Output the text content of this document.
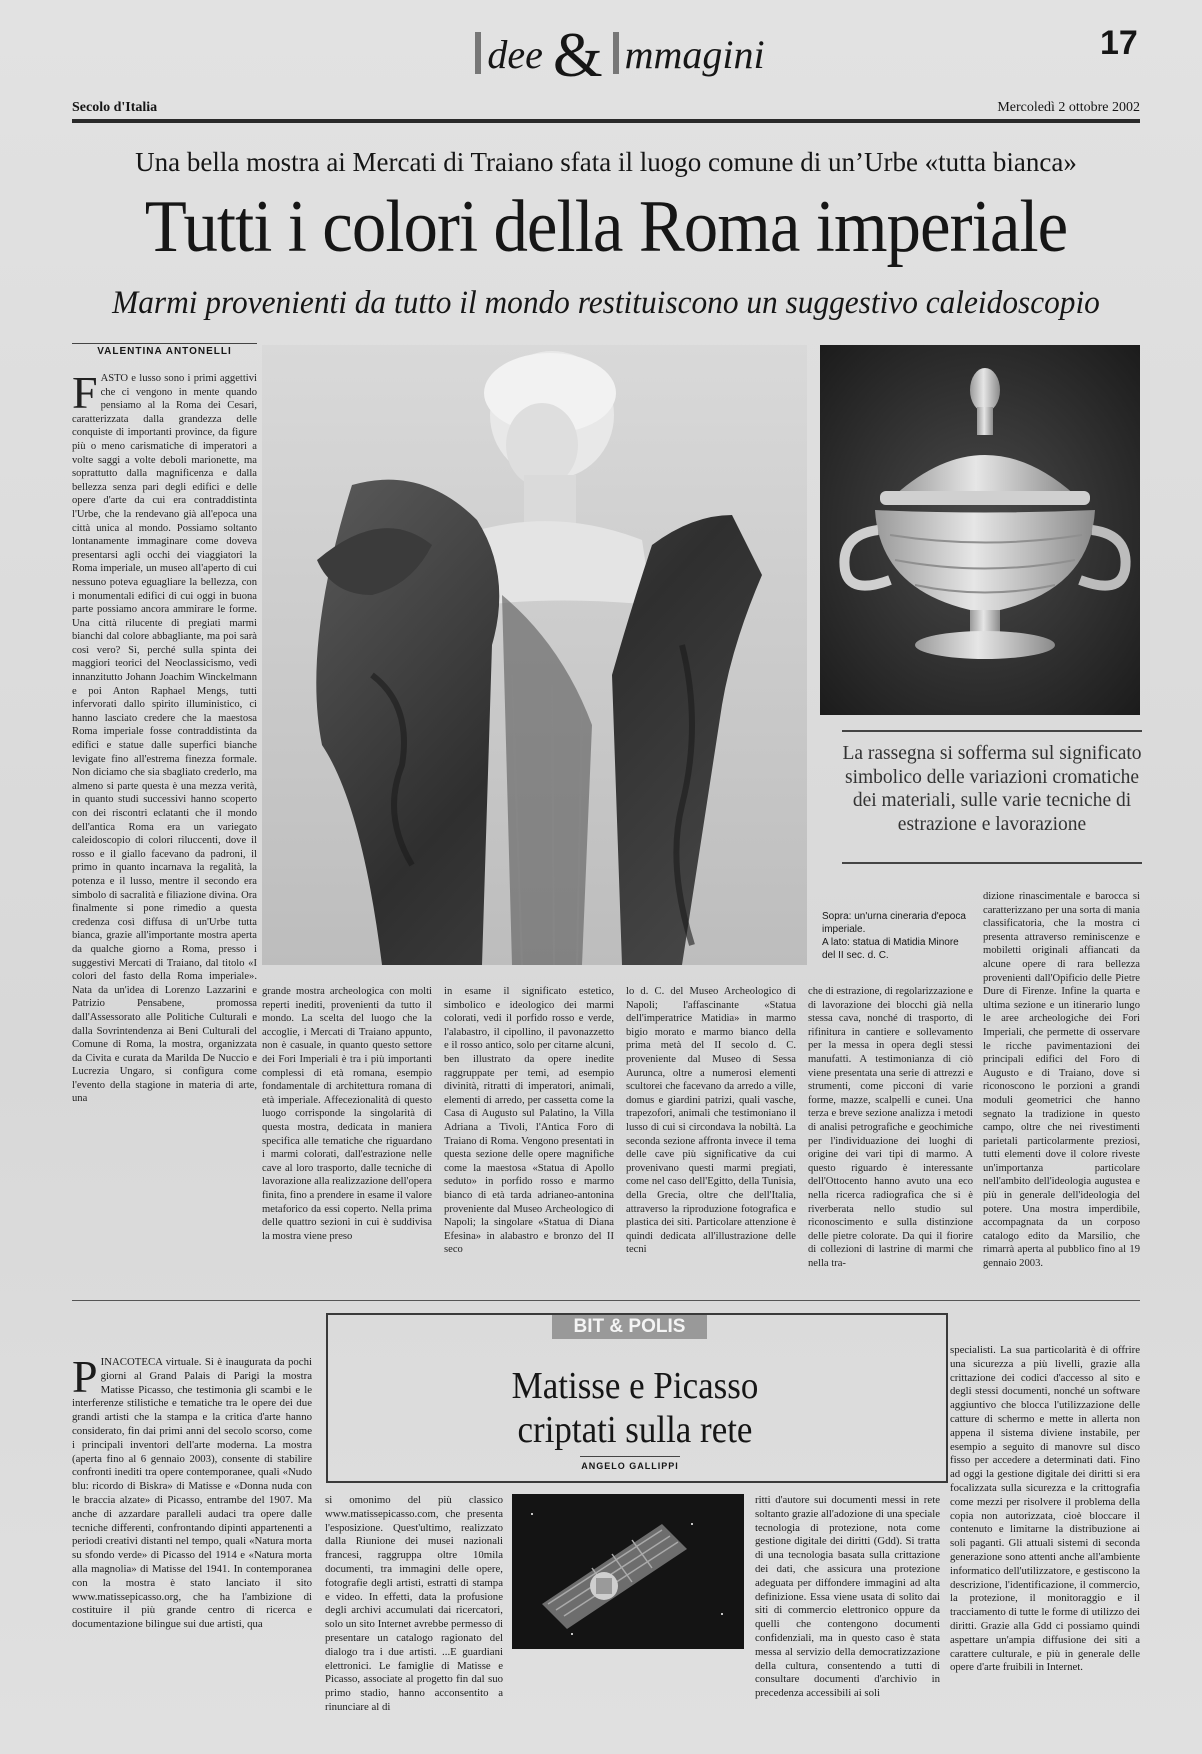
dee & mmagini	17
Secolo d'Italia	Mercoledì 2 ottobre 2002
Una bella mostra ai Mercati di Traiano sfata il luogo comune di un’Urbe «tutta bianca»
Tutti i colori della Roma imperiale
Marmi provenienti da tutto il mondo restituiscono un suggestivo caleidoscopio
VALENTINA ANTONELLI
FASTO e lusso sono i primi aggettivi che ci vengono in mente quando pensiamo al la Roma dei Cesari, caratterizzata dalla grandezza delle conquiste di importanti province, da figure più o meno carismatiche di imperatori a volte saggi a volte deboli marionette, ma soprattutto dalla magnificenza e dalla bellezza senza pari degli edifici e delle opere d'arte da cui era contraddistinta l'Urbe, che la rendevano già all'epoca una città unica al mondo. Possiamo soltanto lontanamente immaginare come doveva presentarsi agli occhi dei viaggiatori la Roma imperiale, un museo all'aperto di cui nessuno poteva eguagliare la bellezza, con i monumentali edifici di cui oggi in buona parte possiamo ancora ammirare le forme. Una città rilucente di pregiati marmi bianchi dal colore abbagliante, ma poi sarà così vero? Sì, perché sulla spinta dei maggiori teorici del Neoclassicismo, vedi innanzitutto Johann Joachim Winckelmann e poi Anton Raphael Mengs, tutti infervorati dallo spirito illuministico, ci hanno lasciato credere che la maestosa Roma imperiale fosse contraddistinta da edifici e statue dalle superfici bianche levigate fino all'estrema finezza formale. Non diciamo che sia sbagliato crederlo, ma almeno si parte questa è una mezza verità, in quanto studi successivi hanno scoperto con dei riscontri eclatanti che il mondo dell'antica Roma era un variegato caleidoscopio di colori riluccenti, dove il rosso e il giallo facevano da padroni, il primo in quanto incarnava la regalità, la potenza e il lusso, mentre il secondo era simbolo di sacralità e filiazione divina. Ora finalmente si pone rimedio a questa credenza così diffusa di un'Urbe tutta bianca, grazie all'importante mostra aperta da qualche giorno a Roma, presso i suggestivi Mercati di Traiano, dal titolo «I colori del fasto della Roma imperiale». Nata da un'idea di Lorenzo Lazzarini e Patrizio Pensabene, promossa dall'Assessorato alle Politiche Culturali e dalla Sovrintendenza ai Beni Culturali del Comune di Roma, la mostra, organizzata da Civita e curata da Marilda De Nuccio e Lucrezia Ungaro, si configura come l'evento della stagione in materia di arte, una
La rassegna si sofferma sul significato simbolico delle variazioni cromatiche dei materiali, sulle varie tecniche di estrazione e lavorazione
Sopra: un'urna cineraria d'epoca imperiale.
A lato: statua di Matidia Minore del II sec. d. C.
grande mostra archeologica con molti reperti inediti, provenienti da tutto il mondo. La scelta del luogo che la accoglie, i Mercati di Traiano appunto, non è casuale, in quanto questo settore dei Fori Imperiali è tra i più importanti complessi di età romana, esempio fondamentale di architettura romana di età imperiale. Affecezionalità di questo luogo corrisponde la singolarità di questa mostra, dedicata in maniera specifica alle tematiche che riguardano i marmi colorati, dall'estrazione nelle cave al loro trasporto, dalle tecniche di lavorazione alla realizzazione dell'opera finita, fino a prendere in esame il valore metaforico da essi coperto. Nella prima delle quattro sezioni in cui è suddivisa la mostra viene preso
in esame il significato estetico, simbolico e ideologico dei marmi colorati, vedi il porfido rosso e verde, l'alabastro, il cipollino, il pavonazzetto e il rosso antico, solo per citarne alcuni, ben illustrato da opere inedite raggruppate per temi, ad esempio divinità, ritratti di imperatori, animali, elementi di arredo, per cassetta come la Casa di Augusto sul Palatino, la Villa Adriana a Tivoli, l'Antica Foro di Traiano di Roma. Vengono presentati in questa sezione delle opere magnifiche come la maestosa «Statua di Apollo seduto» in porfido rosso e marmo bianco di età tarda adrianeo-antonina proveniente dal Museo Archeologico di Napoli; la singolare «Statua di Diana Efesina» in alabastro e bronzo del II seco
lo d. C. del Museo Archeologico di Napoli; l'affascinante «Statua dell'imperatrice Matidia» in marmo bigio morato e marmo bianco della prima metà del II secolo d. C. proveniente dal Museo di Sessa Aurunca, oltre a numerosi elementi scultorei che facevano da arredo a ville, domus e giardini patrizi, quali vasche, trapezofori, animali che testimoniano il lusso di cui si circondava la nobiltà. La seconda sezione affronta invece il tema delle cave più significative da cui provenivano questi marmi pregiati, come nel caso dell'Egitto, della Tunisia, della Grecia, oltre che dell'Italia, attraverso la riproduzione fotografica e plastica dei siti. Particolare attenzione è quindi dedicata all'illustrazione delle tecni
che di estrazione, di regolarizzazione e di lavorazione dei blocchi già nella stessa cava, nonché di trasporto, di rifinitura in cantiere e sollevamento per la messa in opera degli stessi manufatti. A testimonianza di ciò viene presentata una serie di attrezzi e strumenti, come picconi di varie forme, mazze, scalpelli e cunei. Una terza e breve sezione analizza i metodi di analisi petrografiche e geochimiche per l'individuazione dei luoghi di origine dei vari tipi di marmo. A questo riguardo è interessante dell'Ottocento hanno avuto una eco nella ricerca radiografica che si è riverberata nello studio sul riconoscimento e sulla distinzione delle pietre colorate. Da qui il fiorire di collezioni di lastrine di marmi che nella tra-
dizione rinascimentale e barocca si caratterizzano per una sorta di mania classificatoria, che la mostra ci presenta attraverso reminiscenze e mobiletti originali affiancati da alcune opere di rara bellezza provenienti dall'Opificio delle Pietre Dure di Firenze. Infine la quarta e ultima sezione e un itinerario lungo le aree archeologiche dei Fori Imperiali, che permette di osservare le ricche pavimentazioni dei principali edifici del Foro di Augusto e di Traiano, dove si riconoscono le porzioni a grandi moduli geometrici che hanno segnato la tradizione in questo campo, oltre che nei rivestimenti parietali particolarmente preziosi, tutti elementi dove il colore riveste un'importanza particolare nell'ambito dell'ideologia augustea e più in generale dell'ideologia del potere. Una mostra imperdibile, accompagnata da un corposo catalogo edito da Marsilio, che rimarrà aperta al pubblico fino al 19 gennaio 2003.
BIT & POLIS
Matisse e Picasso
criptati sulla rete
ANGELO GALLIPPI
PINACOTECA virtuale. Si è inaugurata da pochi giorni al Grand Palais di Parigi la mostra Matisse Picasso, che testimonia gli scambi e le interferenze stilistiche e tematiche tra le opere dei due grandi artisti che la stampa e la critica d'arte hanno considerato, fin dai primi anni del secolo scorso, come i principali inventori dell'arte moderna. La mostra (aperta fino al 6 gennaio 2003), consente di stabilire confronti inediti tra opere contemporanee, quali «Nudo blu: ricordo di Biskra» di Matisse e «Donna nuda con le braccia alzate» di Picasso, entrambe del 1907. Ma anche di azzardare paralleli audaci tra opere dalle tecniche differenti, confrontando dipinti appartenenti a periodi creativi distanti nel tempo, quali «Natura morta su sfondo verde» di Picasso del 1914 e «Natura morta alla magnolia» di Matisse del 1941. In contemporanea con la mostra è stato lanciato il sito www.matissepicasso.org, che ha l'ambizione di costituire il più grande centro di ricerca e documentazione bilingue sui due artisti, qua
si omonimo del più classico www.matissepicasso.com, che presenta l'esposizione. Quest'ultimo, realizzato dalla Riunione dei musei nazionali francesi, raggruppa oltre 10mila documenti, tra immagini delle opere, fotografie degli artisti, estratti di stampa e video. In effetti, data la profusione degli archivi accumulati dai ricercatori, solo un sito Internet avrebbe permesso di presentare un catalogo ragionato del dialogo tra i due artisti. ...E guardiani elettronici. Le famiglie di Matisse e Picasso, associate al progetto fin dal suo primo stadio, hanno acconsentito a rinunciare al di
ritti d'autore sui documenti messi in rete soltanto grazie all'adozione di una speciale tecnologia di protezione, nota come gestione digitale dei diritti (Gdd). Si tratta di una tecnologia basata sulla crittazione dei dati, che assicura una protezione adeguata per diffondere immagini ad alta definizione. Essa viene usata di solito dai siti di commercio elettronico oppure da quelli che contengono documenti confidenziali, ma in questo caso è stata messa al servizio della democratizzazione della cultura, consentendo a tutti di consultare documenti d'archivio in precedenza accessibili ai soli
specialisti. La sua particolarità è di offrire una sicurezza a più livelli, grazie alla crittazione dei codici d'accesso al sito e degli stessi documenti, nonché un software aggiuntivo che blocca l'utilizzazione delle catture di schermo e mette in allerta non appena il sistema diviene instabile, per esempio a seguito di manovre sul disco fisso per accedere a determinati dati. Fino ad oggi la gestione digitale dei diritti si era focalizzata sulla sicurezza e la crittografia come mezzi per risolvere il problema della copia non autorizzata, cioè bloccare il contenuto e limitarne la distribuzione ai soli paganti. Gli attuali sistemi di seconda generazione sono attenti anche all'ambiente informatico dell'utilizzatore, e gestiscono la descrizione, l'identificazione, il commercio, la protezione, il monitoraggio e il tracciamento di tutte le forme di utilizzo dei diritti. Grazie alla Gdd ci possiamo quindi aspettare un'ampia diffusione dei siti a carattere culturale, e più in generale delle opere d'arte fruibili in Internet.
